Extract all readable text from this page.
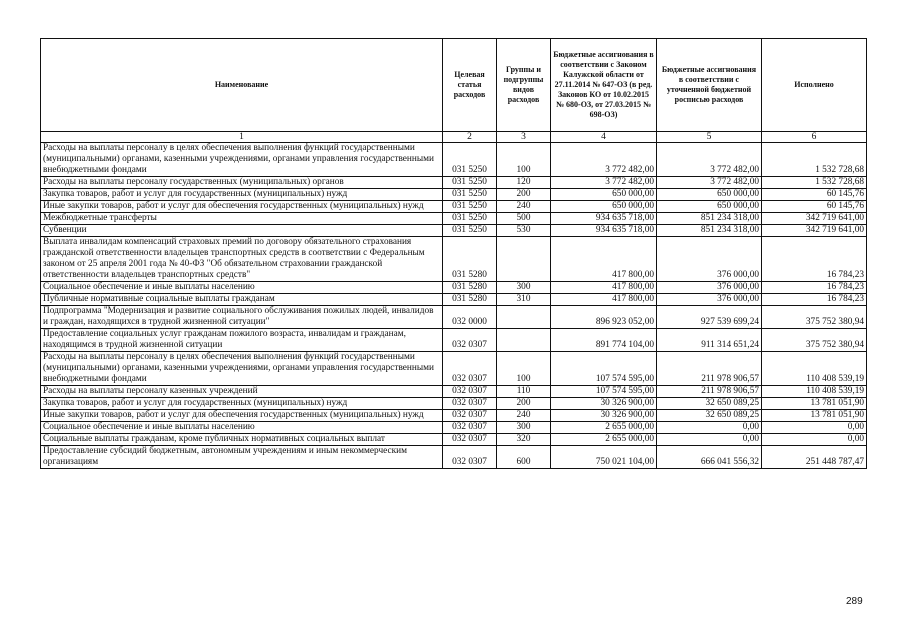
Наименование	Целевая статья расходов	Группы и подгруппы видов расходов	Бюджетные ассигнования в соответствии с Законом Калужской области от 27.11.2014 № 647-ОЗ (в ред. Законов КО от 10.02.2015 № 680-ОЗ, от 27.03.2015 № 698-ОЗ)	Бюджетные ассигнования в соответствии с уточненной бюджетной росписью расходов	Исполнено
1	2	3	4	5	6
Расходы на выплаты персоналу в целях обеспечения выполнения функций государственными (муниципальными) органами, казенными учреждениями, органами управления государственными внебюджетными фондами	031 5250	100	3 772 482,00	3 772 482,00	1 532 728,68
Расходы на выплаты персоналу государственных (муниципальных) органов	031 5250	120	3 772 482,00	3 772 482,00	1 532 728,68
Закупка товаров, работ и услуг для государственных (муниципальных) нужд	031 5250	200	650 000,00	650 000,00	60 145,76
Иные закупки товаров, работ и услуг для обеспечения государственных (муниципальных) нужд	031 5250	240	650 000,00	650 000,00	60 145,76
Межбюджетные трансферты	031 5250	500	934 635 718,00	851 234 318,00	342 719 641,00
Субвенции	031 5250	530	934 635 718,00	851 234 318,00	342 719 641,00
Выплата инвалидам компенсаций страховых премий по договору обязательного страхования гражданской ответственности владельцев транспортных средств в соответствии с Федеральным законом от 25 апреля 2001 года № 40-ФЗ "Об обязательном страховании гражданской ответственности владельцев транспортных средств"	031 5280		417 800,00	376 000,00	16 784,23
Социальное обеспечение и иные выплаты населению	031 5280	300	417 800,00	376 000,00	16 784,23
Публичные нормативные социальные выплаты гражданам	031 5280	310	417 800,00	376 000,00	16 784,23
Подпрограмма "Модернизация и развитие социального обслуживания пожилых людей, инвалидов и граждан, находящихся в трудной жизненной ситуации"	032 0000		896 923 052,00	927 539 699,24	375 752 380,94
Предоставление социальных услуг гражданам пожилого возраста, инвалидам и гражданам, находящимся в трудной жизненной ситуации	032 0307		891 774 104,00	911 314 651,24	375 752 380,94
Расходы на выплаты персоналу в целях обеспечения выполнения функций государственными (муниципальными) органами, казенными учреждениями, органами управления государственными внебюджетными фондами	032 0307	100	107 574 595,00	211 978 906,57	110 408 539,19
Расходы на выплаты персоналу казенных учреждений	032 0307	110	107 574 595,00	211 978 906,57	110 408 539,19
Закупка товаров, работ и услуг для государственных (муниципальных) нужд	032 0307	200	30 326 900,00	32 650 089,25	13 781 051,90
Иные закупки товаров, работ и услуг для обеспечения государственных (муниципальных) нужд	032 0307	240	30 326 900,00	32 650 089,25	13 781 051,90
Социальное обеспечение и иные выплаты населению	032 0307	300	2 655 000,00	0,00	0,00
Социальные выплаты гражданам, кроме публичных нормативных социальных выплат	032 0307	320	2 655 000,00	0,00	0,00
Предоставление субсидий бюджетным, автономным учреждениям и иным некоммерческим организациям	032 0307	600	750 021 104,00	666 041 556,32	251 448 787,47
289
